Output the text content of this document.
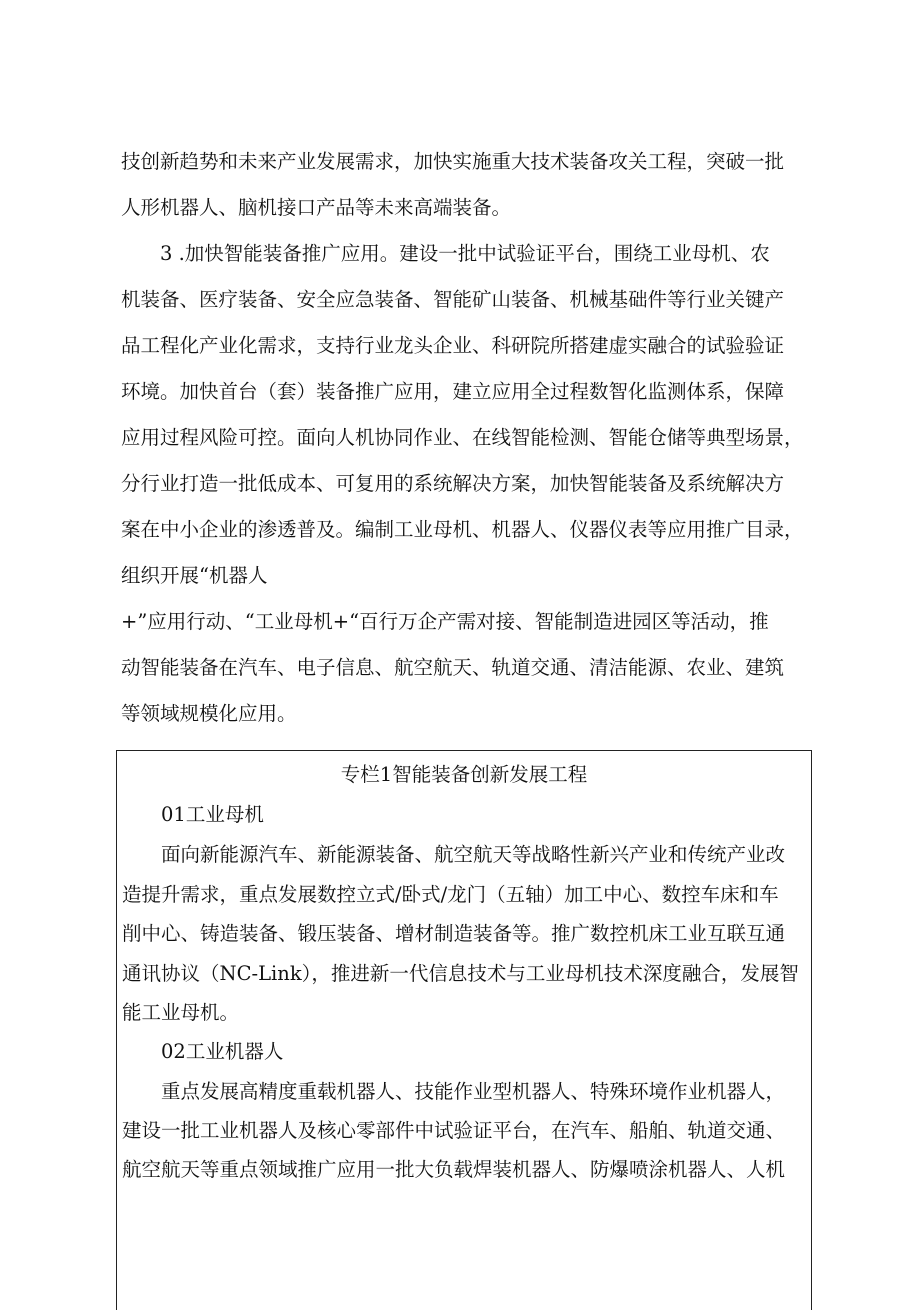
技创新趋势和未来产业发展需求，加快实施重大技术装备攻关工程，突破一批

人形机器人、脑机接口产品等未来高端装备。

3 .加快智能装备推广应用。建设一批中试验证平台，围绕工业母机、农

机装备、医疗装备、安全应急装备、智能矿山装备、机械基础件等行业关键产

品工程化产业化需求，支持行业龙头企业、科研院所搭建虚实融合的试验验证

环境。加快首台（套）装备推广应用，建立应用全过程数智化监测体系，保障

应用过程风险可控。面向人机协同作业、在线智能检测、智能仓储等典型场景，

分行业打造一批低成本、可复用的系统解决方案，加快智能装备及系统解决方

案在中小企业的渗透普及。编制工业母机、机器人、仪器仪表等应用推广目录，

组织开展“机器人

+”应用行动、“工业母机+“百行万企产需对接、智能制造进园区等活动，推

动智能装备在汽车、电子信息、航空航天、轨道交通、清洁能源、农业、建筑

等领域规模化应用。

专栏1智能装备创新发展工程

01工业母机

面向新能源汽车、新能源装备、航空航天等战略性新兴产业和传统产业改

造提升需求，重点发展数控立式/卧式/龙门（五轴）加工中心、数控车床和车

削中心、铸造装备、锻压装备、增材制造装备等。推广数控机床工业互联互通

通讯协议（NC-Link），推进新一代信息技术与工业母机技术深度融合，发展智

能工业母机。

02工业机器人

重点发展高精度重载机器人、技能作业型机器人、特殊环境作业机器人，

建设一批工业机器人及核心零部件中试验证平台，在汽车、船舶、轨道交通、

航空航天等重点领域推广应用一批大负载焊装机器人、防爆喷涂机器人、人机
